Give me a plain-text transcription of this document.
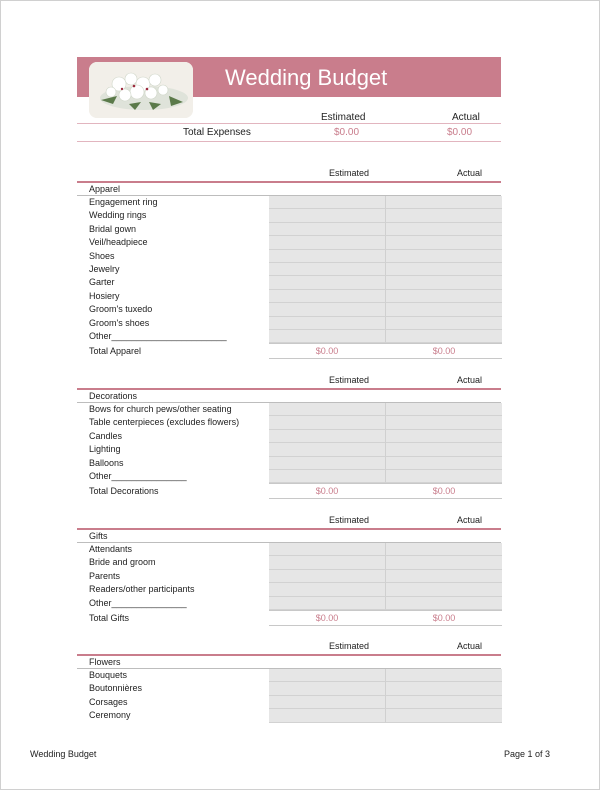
Wedding Budget
Estimated	Actual
Total Expenses	$0.00	$0.00
Estimated	Actual
Apparel
Engagement ring
Wedding rings
Bridal gown
Veil/headpiece
Shoes
Jewelry
Garter
Hosiery
Groom's tuxedo
Groom's shoes
Other_______________________
Total Apparel	$0.00	$0.00
Estimated	Actual
Decorations
Bows for church pews/other seating
Table centerpieces (excludes flowers)
Candles
Lighting
Balloons
Other_______________
Total Decorations	$0.00	$0.00
Estimated	Actual
Gifts
Attendants
Bride and groom
Parents
Readers/other participants
Other_______________
Total Gifts	$0.00	$0.00
Estimated	Actual
Flowers
Bouquets
Boutonnières
Corsages
Ceremony
Wedding Budget	Page 1 of 3
